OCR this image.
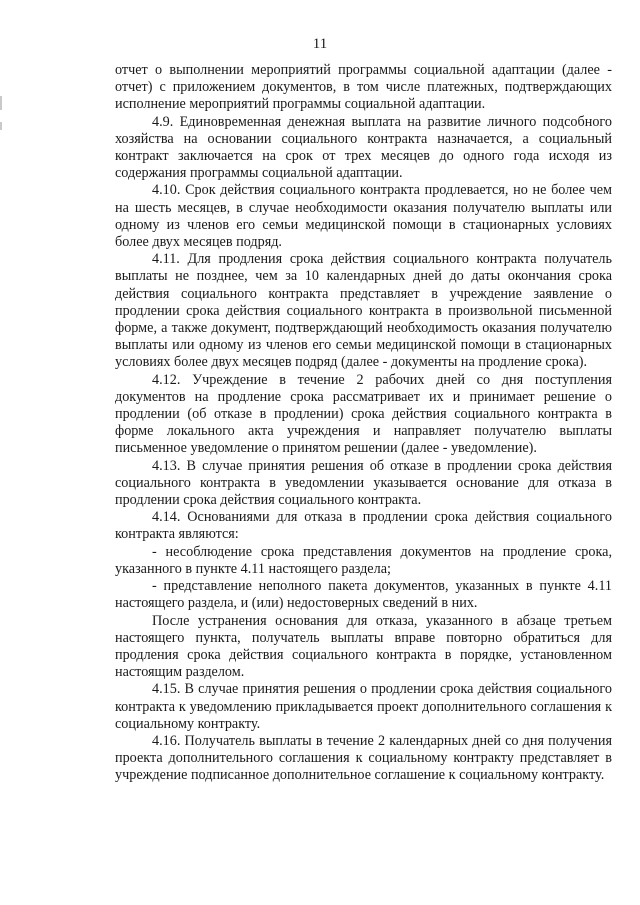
11

отчет о выполнении мероприятий программы социальной адаптации (далее - отчет) с приложением документов, в том числе платежных, подтверждающих исполнение мероприятий программы социальной адаптации.

4.9. Единовременная денежная выплата на развитие личного подсобного хозяйства на основании социального контракта назначается, а социальный контракт заключается на срок от трех месяцев до одного года исходя из содержания программы социальной адаптации.

4.10. Срок действия социального контракта продлевается, но не более чем на шесть месяцев, в случае необходимости оказания получателю выплаты или одному из членов его семьи медицинской помощи в стационарных условиях более двух месяцев подряд.

4.11. Для продления срока действия социального контракта получатель выплаты не позднее, чем за 10 календарных дней до даты окончания срока действия социального контракта представляет в учреждение заявление о продлении срока действия социального контракта в произвольной письменной форме, а также документ, подтверждающий необходимость оказания получателю выплаты или одному из членов его семьи медицинской помощи в стационарных условиях более двух месяцев подряд (далее - документы на продление срока).

4.12. Учреждение в течение 2 рабочих дней со дня поступления документов на продление срока рассматривает их и принимает решение о продлении (об отказе в продлении) срока действия социального контракта в форме локального акта учреждения и направляет получателю выплаты письменное уведомление о принятом решении (далее - уведомление).

4.13. В случае принятия решения об отказе в продлении срока действия социального контракта в уведомлении указывается основание для отказа в продлении срока действия социального контракта.

4.14. Основаниями для отказа в продлении срока действия социального контракта являются:

- несоблюдение срока представления документов на продление срока, указанного в пункте 4.11 настоящего раздела;

- представление неполного пакета документов, указанных в пункте 4.11 настоящего раздела, и (или) недостоверных сведений в них.

После устранения основания для отказа, указанного в абзаце третьем настоящего пункта, получатель выплаты вправе повторно обратиться для продления срока действия социального контракта в порядке, установленном настоящим разделом.

4.15. В случае принятия решения о продлении срока действия социального контракта к уведомлению прикладывается проект дополнительного соглашения к социальному контракту.

4.16. Получатель выплаты в течение 2 календарных дней со дня получения проекта дополнительного соглашения к социальному контракту представляет в учреждение подписанное дополнительное соглашение к социальному контракту.
